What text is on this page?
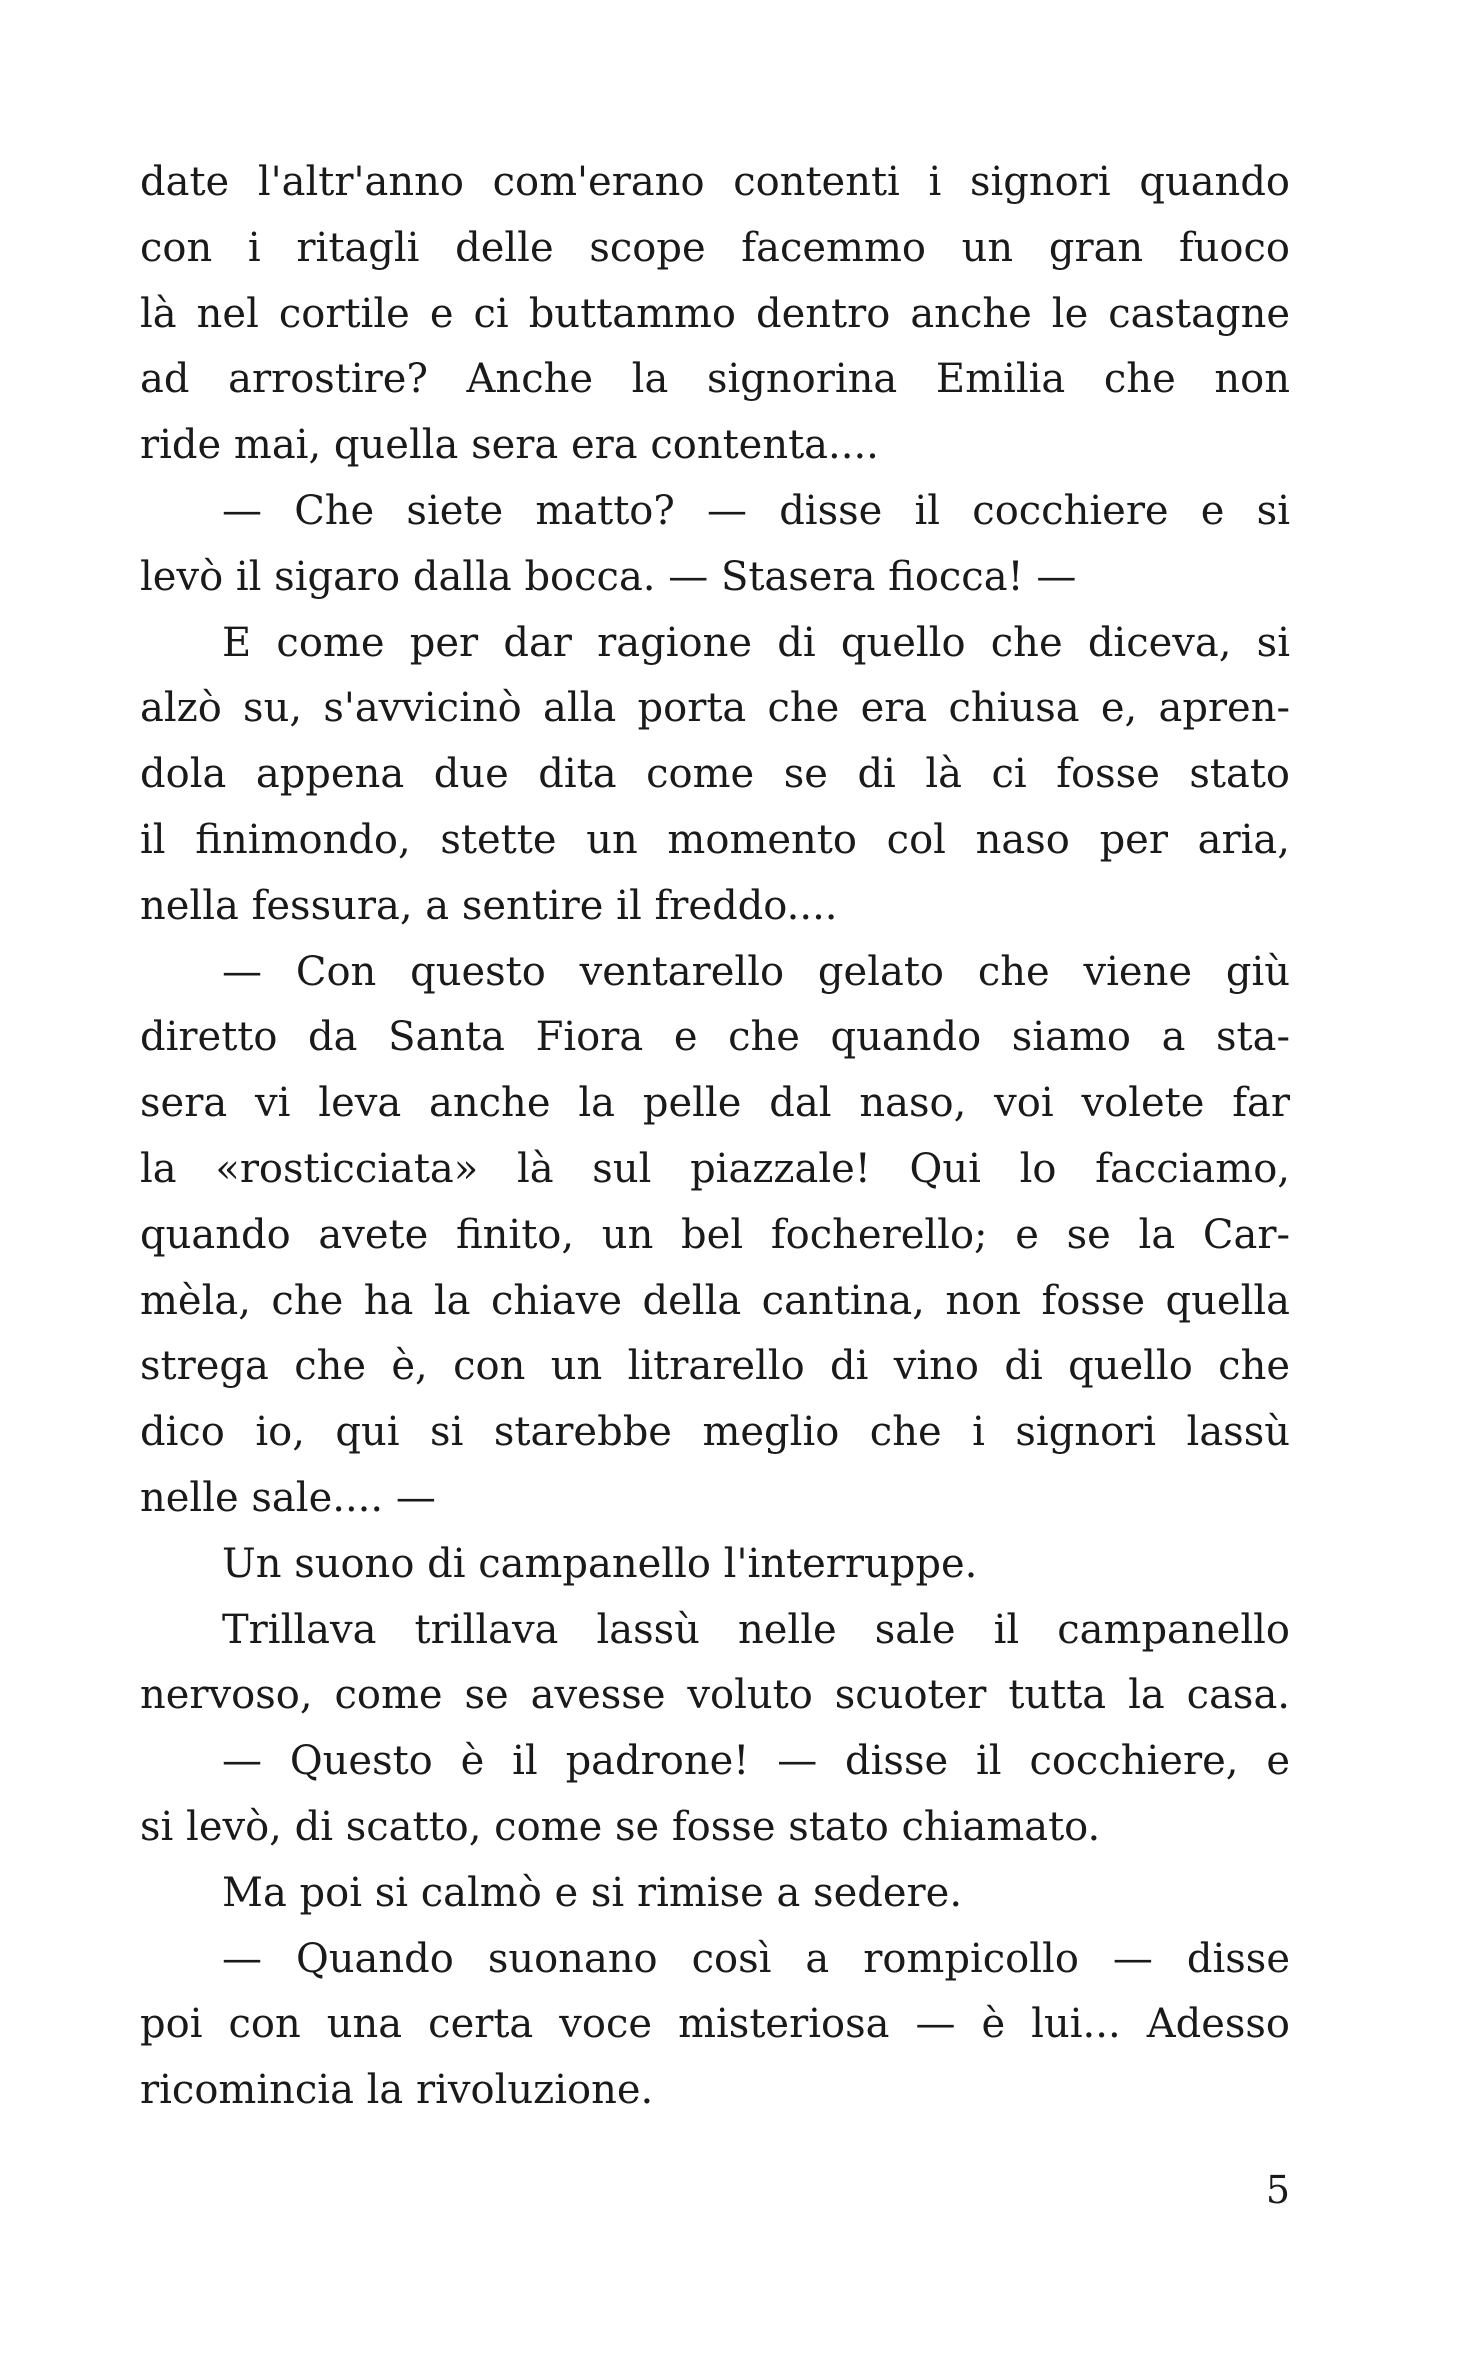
date l'altr'anno com'erano contenti i signori quando
con i ritagli delle scope facemmo un gran fuoco
là nel cortile e ci buttammo dentro anche le castagne
ad arrostire? Anche la signorina Emilia che non
ride mai, quella sera era contenta....
— Che siete matto? — disse il cocchiere e si
levò il sigaro dalla bocca. — Stasera fiocca! —
E come per dar ragione di quello che diceva, si
alzò su, s'avvicinò alla porta che era chiusa e, apren-
dola appena due dita come se di là ci fosse stato
il finimondo, stette un momento col naso per aria,
nella fessura, a sentire il freddo....
— Con questo ventarello gelato che viene giù
diretto da Santa Fiora e che quando siamo a sta-
sera vi leva anche la pelle dal naso, voi volete far
la «rosticciata» là sul piazzale! Qui lo facciamo,
quando avete finito, un bel focherello; e se la Car-
mèla, che ha la chiave della cantina, non fosse quella
strega che è, con un litrarello di vino di quello che
dico io, qui si starebbe meglio che i signori lassù
nelle sale.... —
Un suono di campanello l'interruppe.
Trillava trillava lassù nelle sale il campanello
nervoso, come se avesse voluto scuoter tutta la casa.
— Questo è il padrone! — disse il cocchiere, e
si levò, di scatto, come se fosse stato chiamato.
Ma poi si calmò e si rimise a sedere.
— Quando suonano così a rompicollo — disse
poi con una certa voce misteriosa — è lui... Adesso
ricomincia la rivoluzione.
5
